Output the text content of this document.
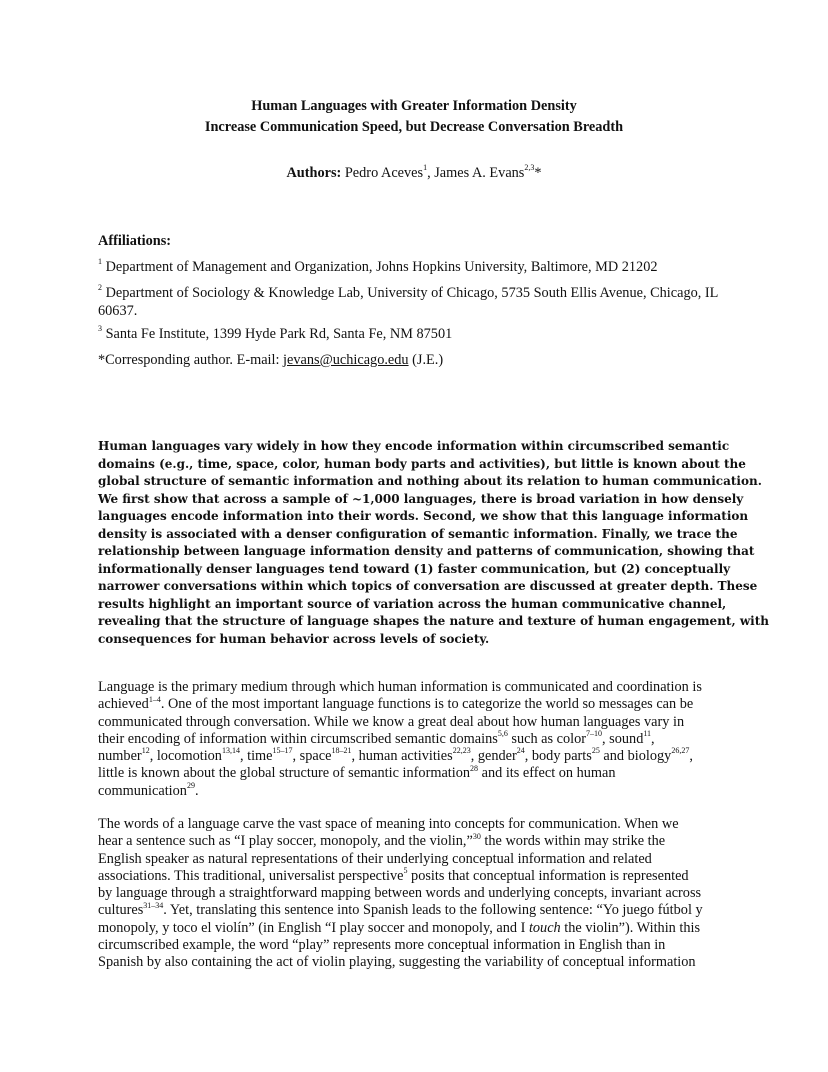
Human Languages with Greater Information Density
Increase Communication Speed, but Decrease Conversation Breadth
Authors: Pedro Aceves$^1$, James A. Evans$^{2,3}$*
Affiliations:
$^1$ Department of Management and Organization, Johns Hopkins University, Baltimore, MD 21202
$^2$ Department of Sociology & Knowledge Lab, University of Chicago, 5735 South Ellis Avenue, Chicago, IL 60637.
$^3$ Santa Fe Institute, 1399 Hyde Park Rd, Santa Fe, NM 87501
*Corresponding author. E-mail: jevans@uchicago.edu (J.E.)
Human languages vary widely in how they encode information within circumscribed semantic
domains (e.g., time, space, color, human body parts and activities), but little is known about the
global structure of semantic information and nothing about its relation to human communication.
We first show that across a sample of ~1,000 languages, there is broad variation in how densely
languages encode information into their words. Second, we show that this language information
density is associated with a denser configuration of semantic information. Finally, we trace the
relationship between language information density and patterns of communication, showing that
informationally denser languages tend toward (1) faster communication, but (2) conceptually
narrower conversations within which topics of conversation are discussed at greater depth. These
results highlight an important source of variation across the human communicative channel,
revealing that the structure of language shapes the nature and texture of human engagement, with
consequences for human behavior across levels of society.
Language is the primary medium through which human information is communicated and coordination is
achieved$^{1-4}$. One of the most important language functions is to categorize the world so messages can be
communicated through conversation. While we know a great deal about how human languages vary in
their encoding of information within circumscribed semantic domains$^{5,6}$ such as color$^{7-10}$, sound$^{11}$,
number$^{12}$, locomotion$^{13,14}$, time$^{15-17}$, space$^{18-21}$, human activities$^{22,23}$, gender$^{24}$, body parts$^{25}$ and biology$^{26,27}$,
little is known about the global structure of semantic information$^{28}$ and its effect on human
communication$^{29}$.
The words of a language carve the vast space of meaning into concepts for communication. When we
hear a sentence such as “I play soccer, monopoly, and the violin,”$^{30}$ the words within may strike the
English speaker as natural representations of their underlying conceptual information and related
associations. This traditional, universalist perspective$^5$ posits that conceptual information is represented
by language through a straightforward mapping between words and underlying concepts, invariant across
cultures$^{31-34}$. Yet, translating this sentence into Spanish leads to the following sentence: “Yo juego fútbol y
monopoly, y toco el violín” (in English “I play soccer and monopoly, and I touch the violin”). Within this
circumscribed example, the word “play” represents more conceptual information in English than in
Spanish by also containing the act of violin playing, suggesting the variability of conceptual information
